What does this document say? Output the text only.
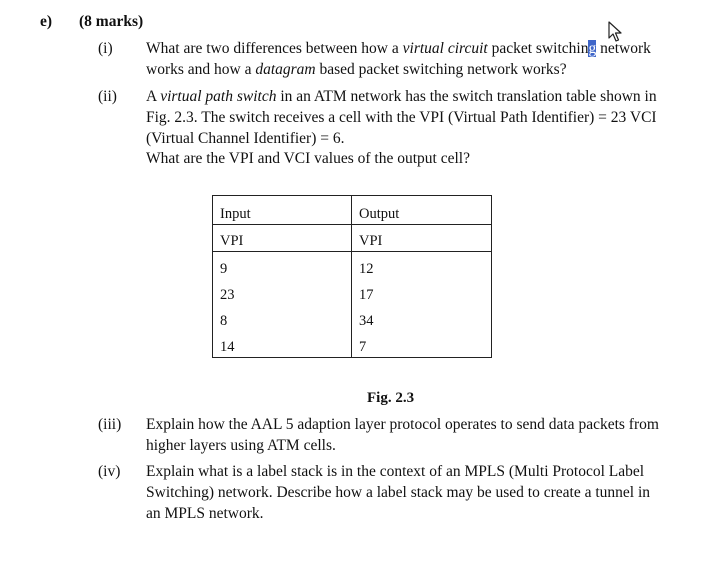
e) (8 marks)
(i) What are two differences between how a virtual circuit packet switching network
works and how a datagram based packet switching network works?
(ii) A virtual path switch in an ATM network has the switch translation table shown in
Fig. 2.3. The switch receives a cell with the VPI (Virtual Path Identifier) = 23 VCI
(Virtual Channel Identifier) = 6.
What are the VPI and VCI values of the output cell?
Input	Output
VPI	VPI
9	12
23	17
8	34
14	7
Fig. 2.3
(iii) Explain how the AAL 5 adaption layer protocol operates to send data packets from
higher layers using ATM cells.
(iv) Explain what is a label stack is in the context of an MPLS (Multi Protocol Label
Switching) network. Describe how a label stack may be used to create a tunnel in
an MPLS network.
